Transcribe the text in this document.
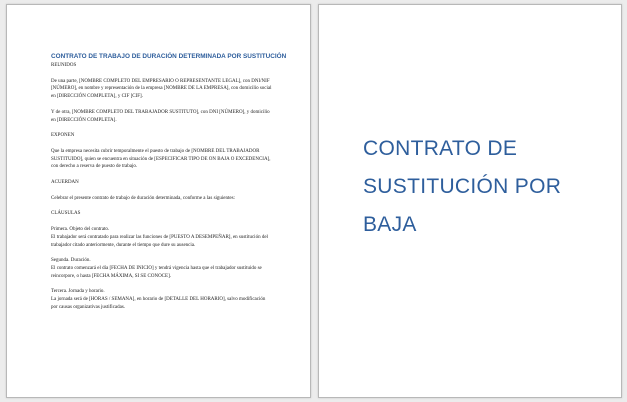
CONTRATO DE TRABAJO DE DURACIÓN DETERMINADA POR SUSTITUCIÓN

REUNIDOS

De una parte, [NOMBRE COMPLETO DEL EMPRESARIO O REPRESENTANTE LEGAL], con DNI/NIF [NÚMERO], en nombre y representación de la empresa [NOMBRE DE LA EMPRESA], con domicilio social en [DIRECCIÓN COMPLETA], y CIF [CIF].

Y de otra, [NOMBRE COMPLETO DEL TRABAJADOR SUSTITUTO], con DNI [NÚMERO], y domicilio en [DIRECCIÓN COMPLETA].

EXPONEN

Que la empresa necesita cubrir temporalmente el puesto de trabajo de [NOMBRE DEL TRABAJADOR SUSTITUIDO], quien se encuentra en situación de [ESPECIFICAR TIPO DE ON BAJA O EXCEDENCIA], con derecho a reserva de puesto de trabajo.

ACUERDAN

Celebrar el presente contrato de trabajo de duración determinada, conforme a las siguientes:

CLÁUSULAS

Primera. Objeto del contrato.
El trabajador será contratado para realizar las funciones de [PUESTO A DESEMPEÑAR], en sustitución del trabajador citado anteriormente, durante el tiempo que dure su ausencia.

Segunda. Duración.
El contrato comenzará el día [FECHA DE INICIO] y tendrá vigencia hasta que el trabajador sustituido se reincorpore, o hasta [FECHA MÁXIMA, SI SE CONOCE].

Tercera. Jornada y horario.
La jornada será de [HORAS / SEMANA], en horario de [DETALLE DEL HORARIO], salvo modificación por causas organizativas justificadas.

CONTRATO DE SUSTITUCIÓN POR BAJA
